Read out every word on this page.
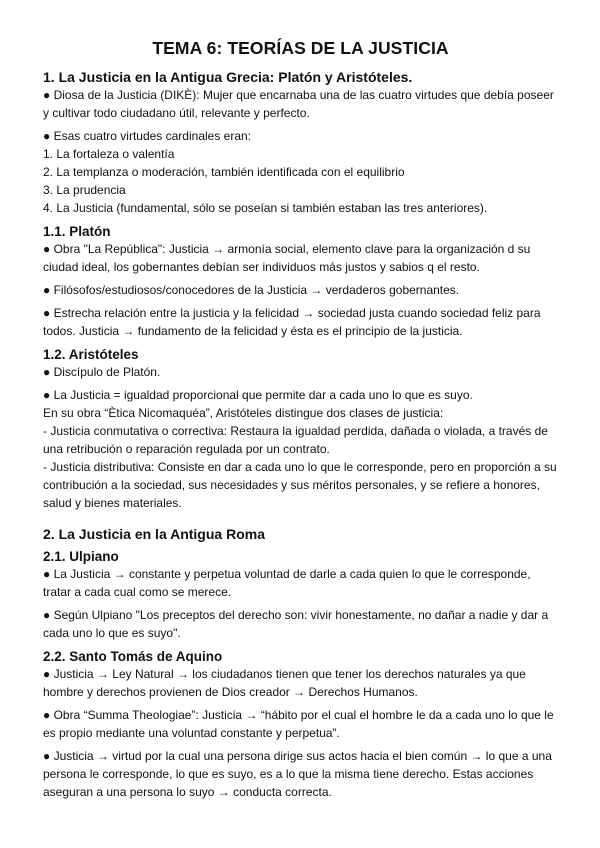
TEMA 6: TEORÍAS DE LA JUSTICIA
1. La Justicia en la Antigua Grecia: Platón y Aristóteles.

● Diosa de la Justicia (DIKÈ): Mujer que encarnaba una de las cuatro virtudes que debía poseer y cultivar todo ciudadano útil, relevante y perfecto.

● Esas cuatro virtudes cardinales eran:

1. La fortaleza o valentía

2. La templanza o moderación, también identificada con el equilibrio

3. La prudencia

4. La Justicia (fundamental, sólo se poseían si también estaban las tres anteriores).

1.1. Platón

● Obra "La República": Justicia → armonía social, elemento clave para la organización d su ciudad ideal, los gobernantes debían ser individuos más justos y sabios q el resto.

● Filósofos/estudiosos/conocedores de la Justicia → verdaderos gobernantes.

● Estrecha relación entre la justicia y la felicidad → sociedad justa cuando sociedad feliz para todos. Justicia → fundamento de la felicidad y ésta es el principio de la justicia.

1.2. Aristóteles

● Discípulo de Platón.

● La Justicia = igualdad proporcional que permite dar a cada uno lo que es suyo.

En su obra “Ètica Nicomaquéa”, Aristóteles distingue dos clases de justicia:

- Justicia conmutativa o correctiva: Restaura la igualdad perdida, dañada o violada, a través de una retribución o reparación regulada por un contrato.

- Justicia distributiva: Consiste en dar a cada uno lo que le corresponde, pero en proporción a su contribución a la sociedad, sus necesidades y sus méritos personales, y se refiere a honores, salud y bienes materiales.

2. La Justicia en la Antigua Roma
2.1. Ulpiano

● La Justicia → constante y perpetua voluntad de darle a cada quien lo que le corresponde, tratar a cada cual como se merece.

● Según Ulpiano "Los preceptos del derecho son: vivir honestamente, no dañar a nadie y dar a cada uno lo que es suyo".

2.2. Santo Tomás de Aquino

● Justicia → Ley Natural → los ciudadanos tienen que tener los derechos naturales ya que hombre y derechos provienen de Dios creador → Derechos Humanos.

● Obra “Summa Theologiae”: Justicia → “hábito por el cual el hombre le da a cada uno lo que le es propio mediante una voluntad constante y perpetua”.

● Justicia → virtud por la cual una persona dirige sus actos hacia el bien común → lo que a una persona le corresponde, lo que es suyo, es a lo que la misma tiene derecho. Estas acciones aseguran a una persona lo suyo → conducta correcta.
